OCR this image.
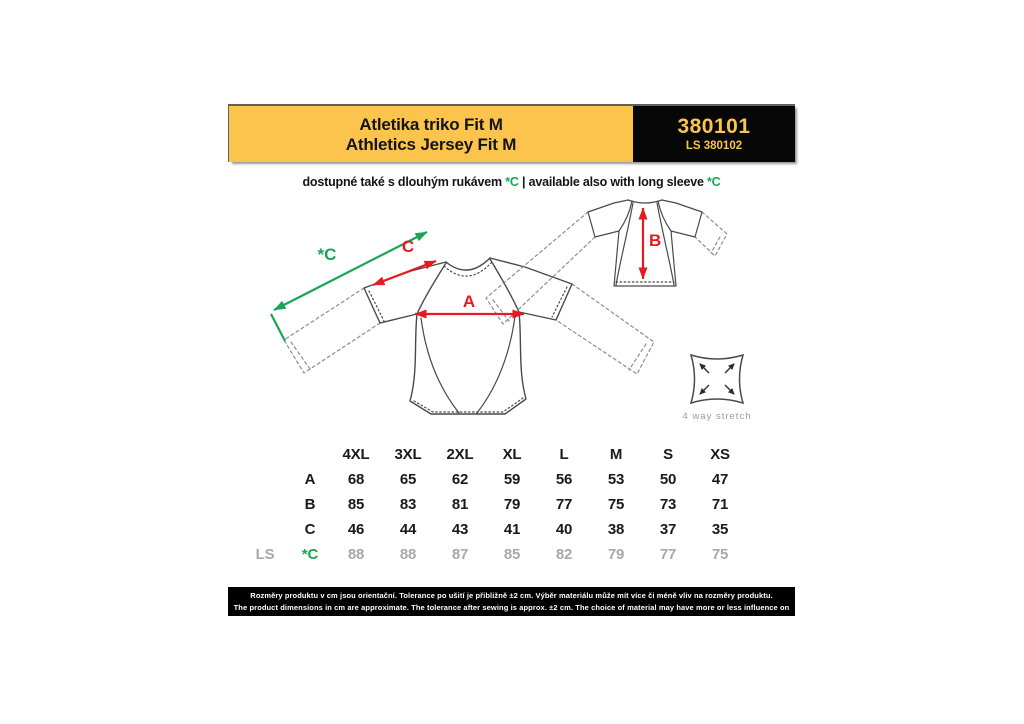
Atletika triko Fit M
Athletics Jersey Fit M
380101
LS 380102
dostupné také s dlouhým rukávem *C | available also with long sleeve *C
4 way stretch
*C	C
A
B
4XL	3XL	2XL	XL	L	M	S	XS
A	68	65	62	59	56	53	50	47
B	85	83	81	79	77	75	73	71
C	46	44	43	41	40	38	37	35
LS	*C	88	88	87	85	82	79	77	75
Rozměry produktu v cm jsou orientační. Tolerance po ušití je přibližně ±2 cm. Výběr materiálu může mít více či méně vliv na rozměry produktu.
The product dimensions in cm are approximate. The tolerance after sewing is approx. ±2 cm. The choice of material may have more or less influence on the dimensions of the product.
